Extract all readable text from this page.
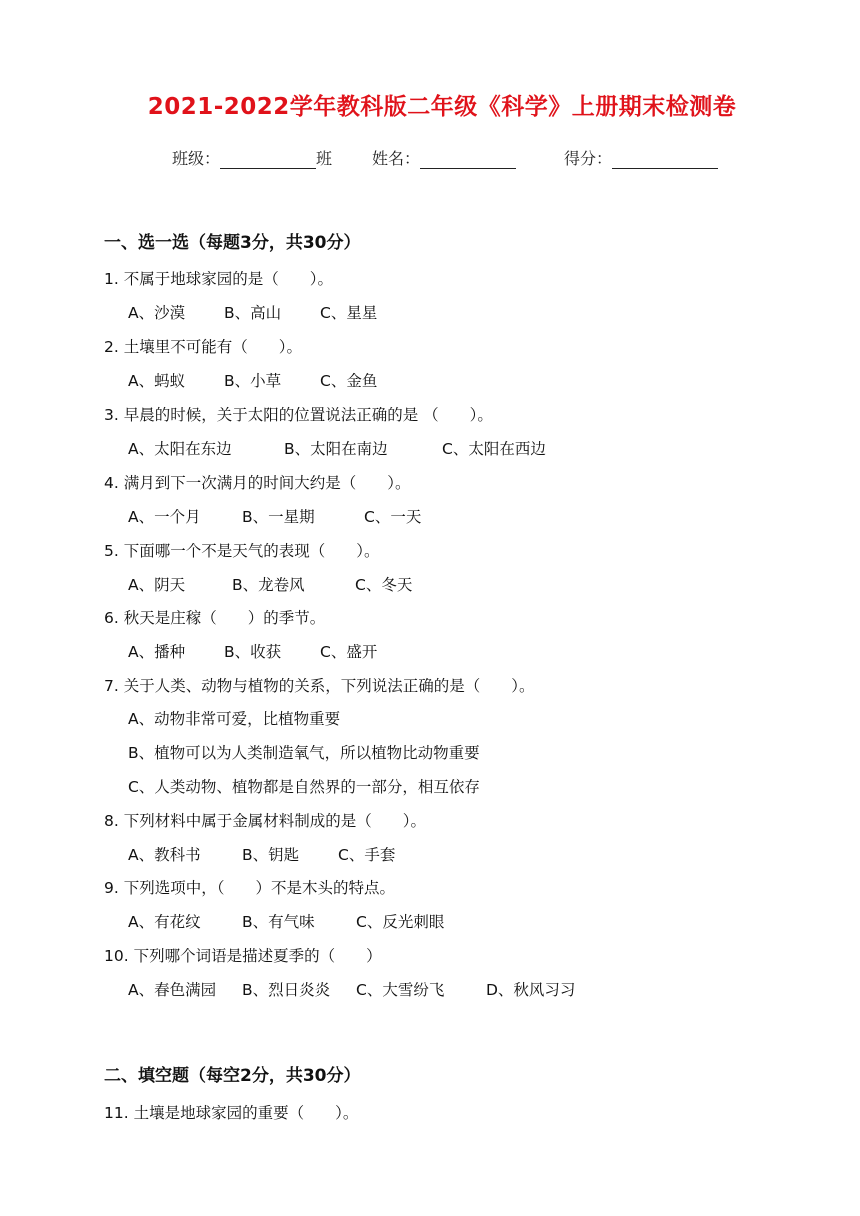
2021-2022学年教科版二年级《科学》上册期末检测卷
班级：	班 姓名：	得分：
一、选一选（每题3分，共30分）
1. 不属于地球家园的是（　　）。
A、沙漠	B、高山	C、星星
2. 土壤里不可能有（　　）。
A、蚂蚁	B、小草	C、金鱼
3. 早晨的时候，关于太阳的位置说法正确的是 （　　）。
A、太阳在东边	B、太阳在南边	C、太阳在西边
4. 满月到下一次满月的时间大约是（　　）。
A、一个月	B、一星期	C、一天
5. 下面哪一个不是天气的表现（　　）。
A、阴天	B、龙卷风	C、冬天
6. 秋天是庄稼（　　）的季节。
A、播种	B、收获	C、盛开
7. 关于人类、动物与植物的关系，下列说法正确的是（　　）。
A、动物非常可爱，比植物重要
B、植物可以为人类制造氧气，所以植物比动物重要
C、人类动物、植物都是自然界的一部分，相互依存
8. 下列材料中属于金属材料制成的是（　　）。
A、教科书	B、钥匙	C、手套
9. 下列选项中，（　　）不是木头的特点。
A、有花纹	B、有气味	C、反光刺眼
10. 下列哪个词语是描述夏季的（　　）
A、春色满园 B、烈日炎炎 C、大雪纷飞	D、秋风习习
二、填空题（每空2分，共30分）
11. 土壤是地球家园的重要（　　）。
